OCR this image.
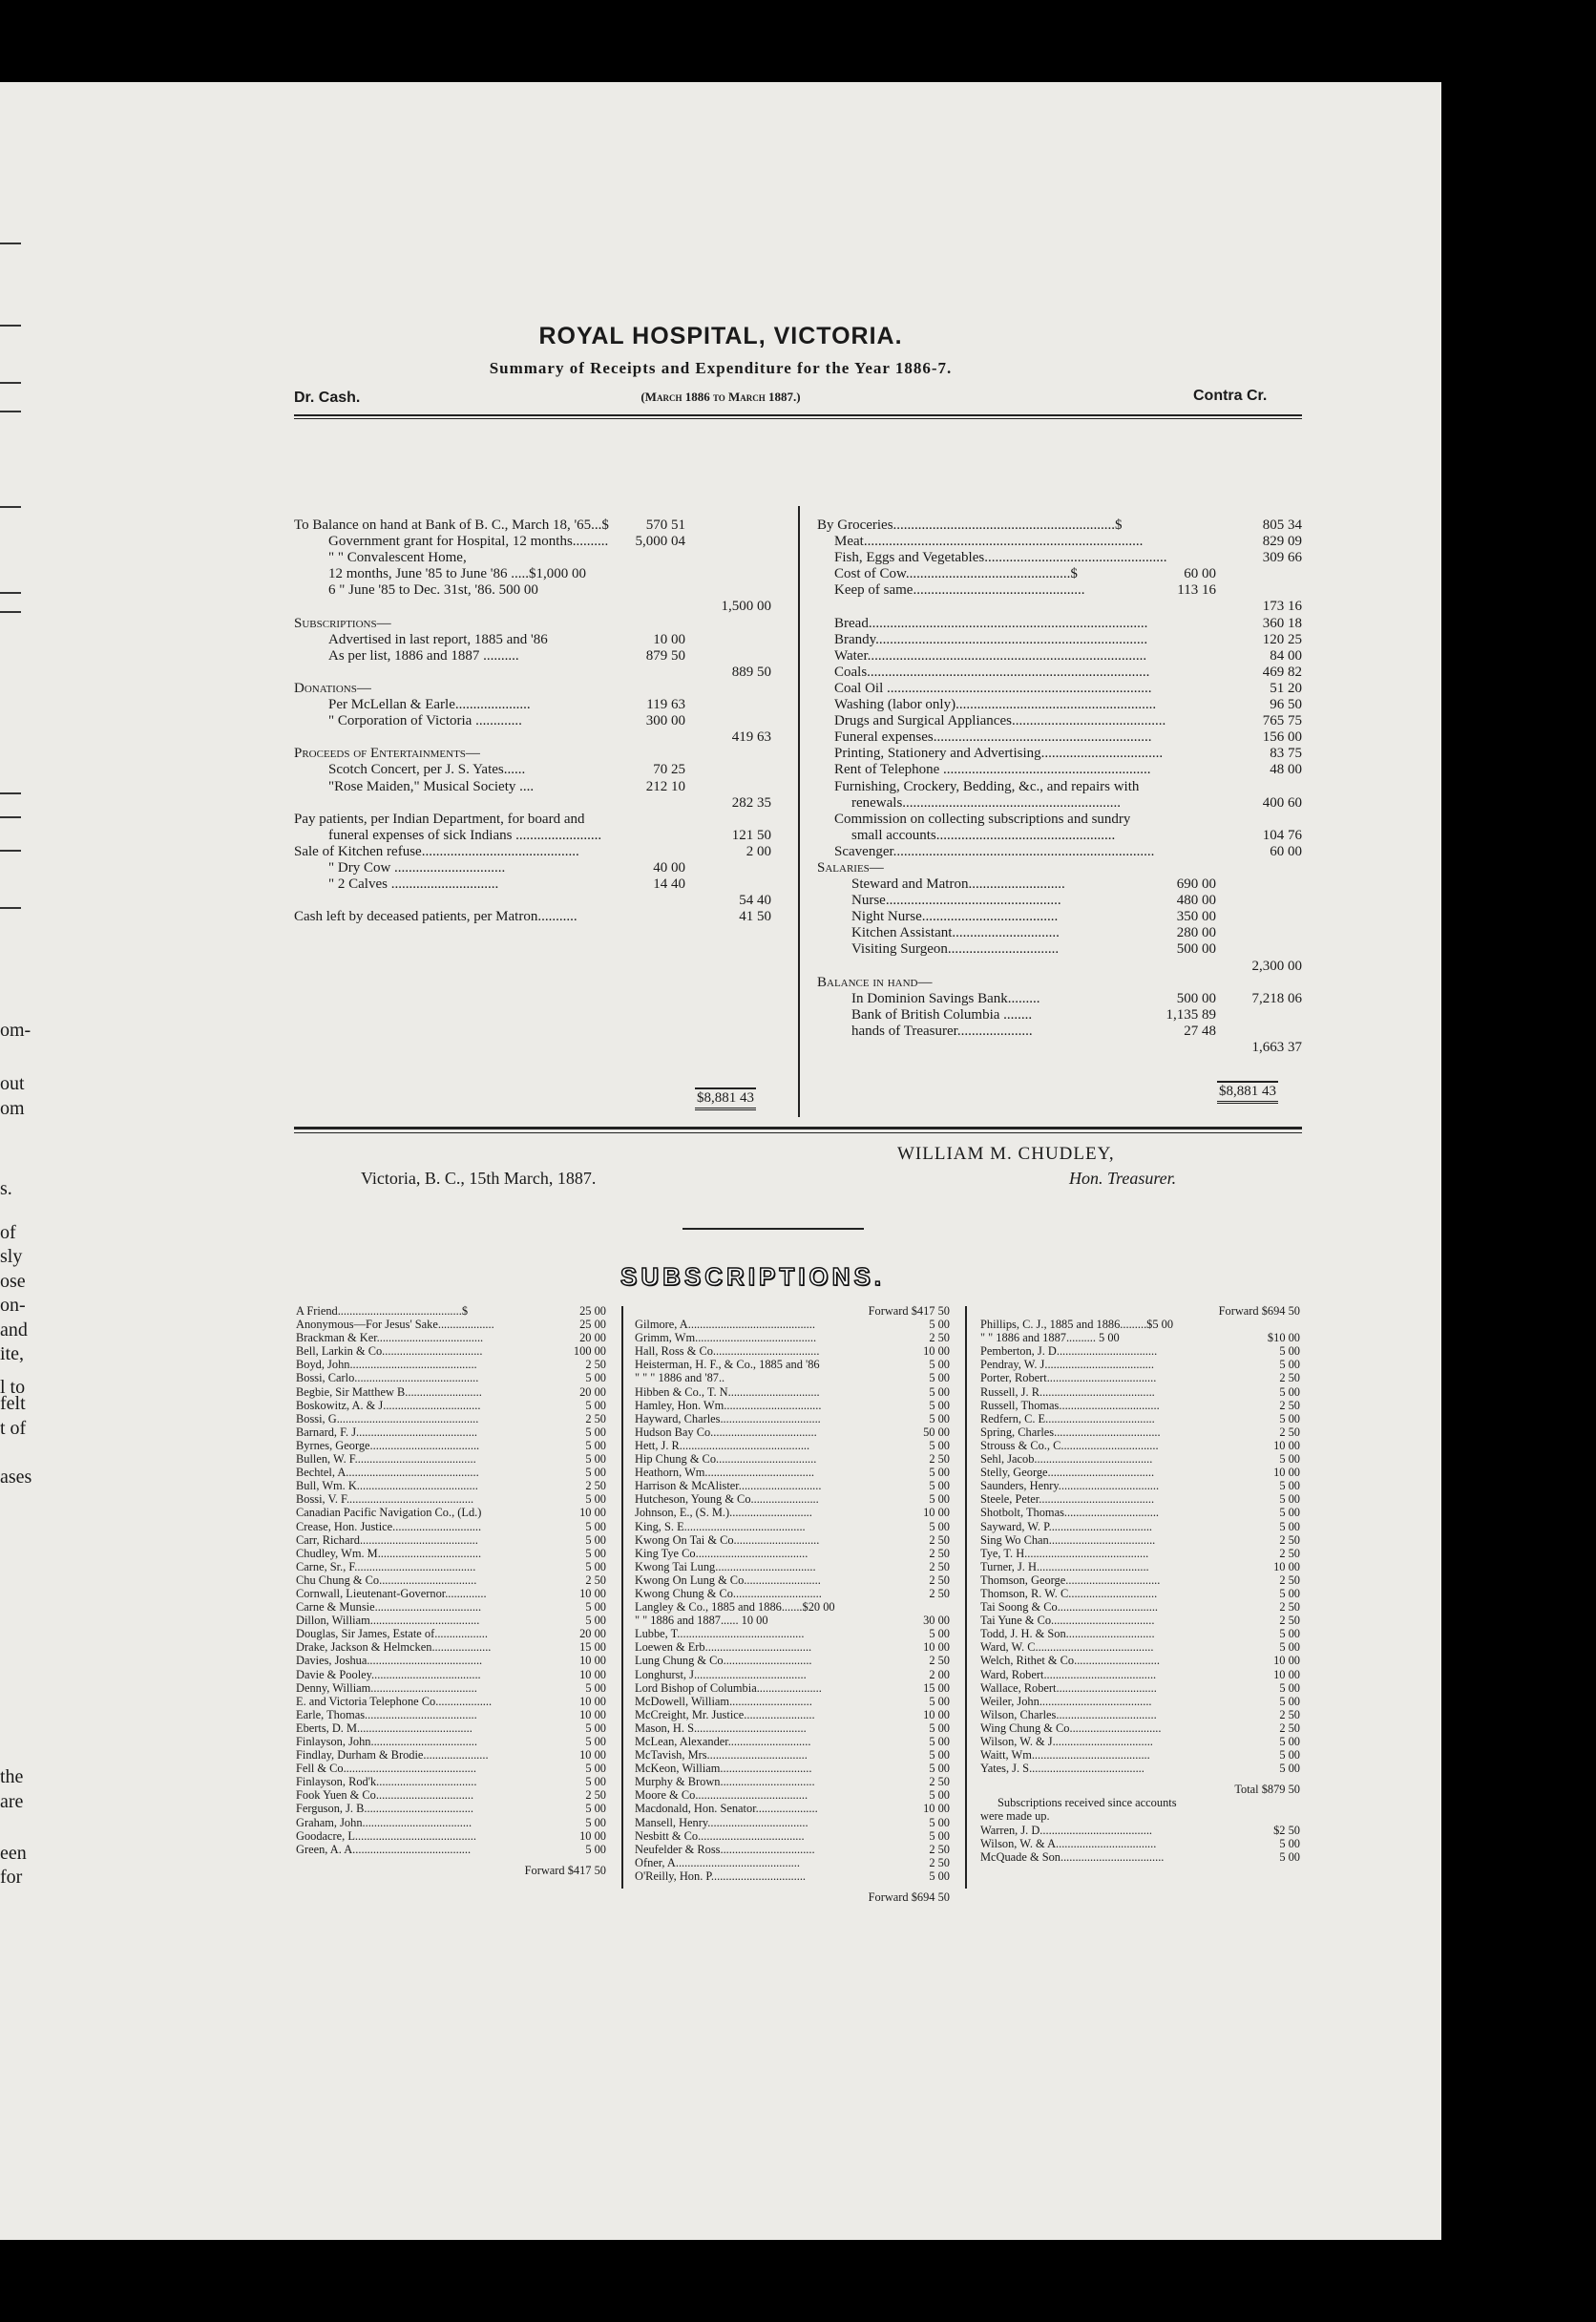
om-
out
om
s.
of
sly
ose
on-
and
ite,
felt
t of
ases
the
are
een
for
l to
ROYAL HOSPITAL, VICTORIA.
Summary of Receipts and Expenditure for the Year 1886-7.
(March 1886 to March 1887.)
Dr. Cash.	Contra Cr.
To Balance on hand at Bank of B. C., March 18, '65...$	570 51
Government grant for Hospital, 12 months.......... 5,000 04
" " Convalescent Home,
12 months, June '85 to June '86 .....$1,000 00
6 " June '85 to Dec. 31st, '86. 500 00
1,500 00
Subscriptions—
Advertised in last report, 1885 and '86	10 00
As per list, 1886 and 1887 ..........	879 50
889 50
Donations—
Per McLellan & Earle.....................	119 63
" Corporation of Victoria .............	300 00
419 63
Proceeds of Entertainments—
Scotch Concert, per J. S. Yates......	70 25
"Rose Maiden," Musical Society ....	212 10
282 35
Pay patients, per Indian Department, for board and
funeral expenses of sick Indians ........................	121 50
Sale of Kitchen refuse............................................	2 00
" Dry Cow ...............................	40 00
" 2 Calves ..............................	14 40
54 40
Cash left by deceased patients, per Matron...........	41 50
$8,881 43
By Groceries..............................................................$	805 34
Meat..............................................................................	829 09
Fish, Eggs and Vegetables...................................................	309 66
Cost of Cow..............................................$	60 00
Keep of same................................................	113 16
173 16
Bread..............................................................................	360 18
Brandy............................................................................	120 25
Water..............................................................................	84 00
Coals...............................................................................	469 82
Coal Oil ..........................................................................	51 20
Washing (labor only)........................................................	96 50
Drugs and Surgical Appliances...........................................	765 75
Funeral expenses.............................................................	156 00
Printing, Stationery and Advertising..................................	83 75
Rent of Telephone ..........................................................	48 00
Furnishing, Crockery, Bedding, &c., and repairs with
renewals.............................................................	400 60
Commission on collecting subscriptions and sundry
small accounts..................................................	104 76
Scavenger.........................................................................	60 00
Salaries—
Steward and Matron...........................	690 00
Nurse.................................................	480 00
Night Nurse......................................	350 00
Kitchen Assistant..............................	280 00
Visiting Surgeon...............................	500 00
2,300 00
Balance in hand—
In Dominion Savings Bank.........	500 00	7,218 06
Bank of British Columbia ........	1,135 89
hands of Treasurer.....................	27 48
1,663 37
$8,881 43
Victoria, B. C., 15th March, 1887.
WILLIAM M. CHUDLEY,
Hon. Treasurer.
SUBSCRIPTIONS.
A Friend..........................................$	25 00
Anonymous—For Jesus' Sake...................	25 00
Brackman & Ker....................................	20 00
Bell, Larkin & Co..................................	100 00
Boyd, John...........................................	2 50
Bossi, Carlo..........................................	5 00
Begbie, Sir Matthew B..........................	20 00
Boskowitz, A. & J.................................	5 00
Bossi, G................................................	2 50
Barnard, F. J.........................................	5 00
Byrnes, George.....................................	5 00
Bullen, W. F.........................................	5 00
Bechtel, A.............................................	5 00
Bull, Wm. K.........................................	2 50
Bossi, V. F...........................................	5 00
Canadian Pacific Navigation Co., (Ld.)	10 00
Crease, Hon. Justice..............................	5 00
Carr, Richard........................................	5 00
Chudley, Wm. M...................................	5 00
Carne, Sr., F.........................................	5 00
Chu Chung & Co.................................	2 50
Cornwall, Lieutenant-Governor..............	10 00
Carne & Munsie....................................	5 00
Dillon, William.....................................	5 00
Douglas, Sir James, Estate of..................	20 00
Drake, Jackson & Helmcken....................	15 00
Davies, Joshua.......................................	10 00
Davie & Pooley.....................................	10 00
Denny, William....................................	5 00
E. and Victoria Telephone Co...................	10 00
Earle, Thomas......................................	10 00
Eberts, D. M.......................................	5 00
Finlayson, John....................................	5 00
Findlay, Durham & Brodie......................	10 00
Fell & Co.............................................	5 00
Finlayson, Rod'k..................................	5 00
Fook Yuen & Co.................................	2 50
Ferguson, J. B.....................................	5 00
Graham, John.....................................	5 00
Goodacre, L.........................................	10 00
Green, A. A........................................	5 00
Forward $417 50
Forward $417 50
Gilmore, A...........................................	5 00
Grimm, Wm.........................................	2 50
Hall, Ross & Co....................................	10 00
Heisterman, H. F., & Co., 1885 and '86	5 00
" " " 1886 and '87..	5 00
Hibben & Co., T. N...............................	5 00
Hamley, Hon. Wm.................................	5 00
Hayward, Charles..................................	5 00
Hudson Bay Co....................................	50 00
Hett, J. R............................................	5 00
Hip Chung & Co..................................	2 50
Heathorn, Wm.....................................	5 00
Harrison & McAlister............................	5 00
Hutcheson, Young & Co.......................	5 00
Johnson, E., (S. M.)............................	10 00
King, S. E.........................................	5 00
Kwong On Tai & Co.............................	2 50
King Tye Co......................................	2 50
Kwong Tai Lung..................................	2 50
Kwong On Lung & Co..........................	2 50
Kwong Chung & Co..............................	2 50
Langley & Co., 1885 and 1886.......$20 00
" " 1886 and 1887...... 10 00	30 00
Lubbe, T...........................................	5 00
Loewen & Erb....................................	10 00
Lung Chung & Co..............................	2 50
Longhurst, J......................................	2 00
Lord Bishop of Columbia......................	15 00
McDowell, William............................	5 00
McCreight, Mr. Justice........................	10 00
Mason, H. S......................................	5 00
McLean, Alexander............................	5 00
McTavish, Mrs..................................	5 00
McKeon, William...............................	5 00
Murphy & Brown................................	2 50
Moore & Co......................................	5 00
Macdonald, Hon. Senator.....................	10 00
Mansell, Henry..................................	5 00
Nesbitt & Co....................................	5 00
Neufelder & Ross................................	2 50
Ofner, A..........................................	2 50
O'Reilly, Hon. P................................	5 00
Forward $694 50
Forward $694 50
Phillips, C. J., 1885 and 1886.........$5 00
" " 1886 and 1887.......... 5 00	$10 00
Pemberton, J. D..................................	5 00
Pendray, W. J.....................................	5 00
Porter, Robert.....................................	2 50
Russell, J. R.......................................	5 00
Russell, Thomas..................................	2 50
Redfern, C. E.....................................	5 00
Spring, Charles....................................	2 50
Strouss & Co., C.................................	10 00
Sehl, Jacob........................................	5 00
Stelly, George....................................	10 00
Saunders, Henry..................................	5 00
Steele, Peter.......................................	5 00
Shotbolt, Thomas................................	5 00
Sayward, W. P...................................	5 00
Sing Wo Chan....................................	2 50
Tye, T. H..........................................	2 50
Turner, J. H......................................	10 00
Thomson, George................................	2 50
Thomson, R. W. C..............................	5 00
Tai Soong & Co..................................	2 50
Tai Yune & Co...................................	2 50
Todd, J. H. & Son..............................	5 00
Ward, W. C........................................	5 00
Welch, Rithet & Co.............................	10 00
Ward, Robert......................................	10 00
Wallace, Robert..................................	5 00
Weiler, John......................................	5 00
Wilson, Charles..................................	2 50
Wing Chung & Co...............................	2 50
Wilson, W. & J..................................	5 00
Waitt, Wm........................................	5 00
Yates, J. S.......................................	5 00
Total $879 50
Subscriptions received since accounts
were made up.
Warren, J. D......................................	$2 50
Wilson, W. & A..................................	5 00
McQuade & Son...................................	5 00
